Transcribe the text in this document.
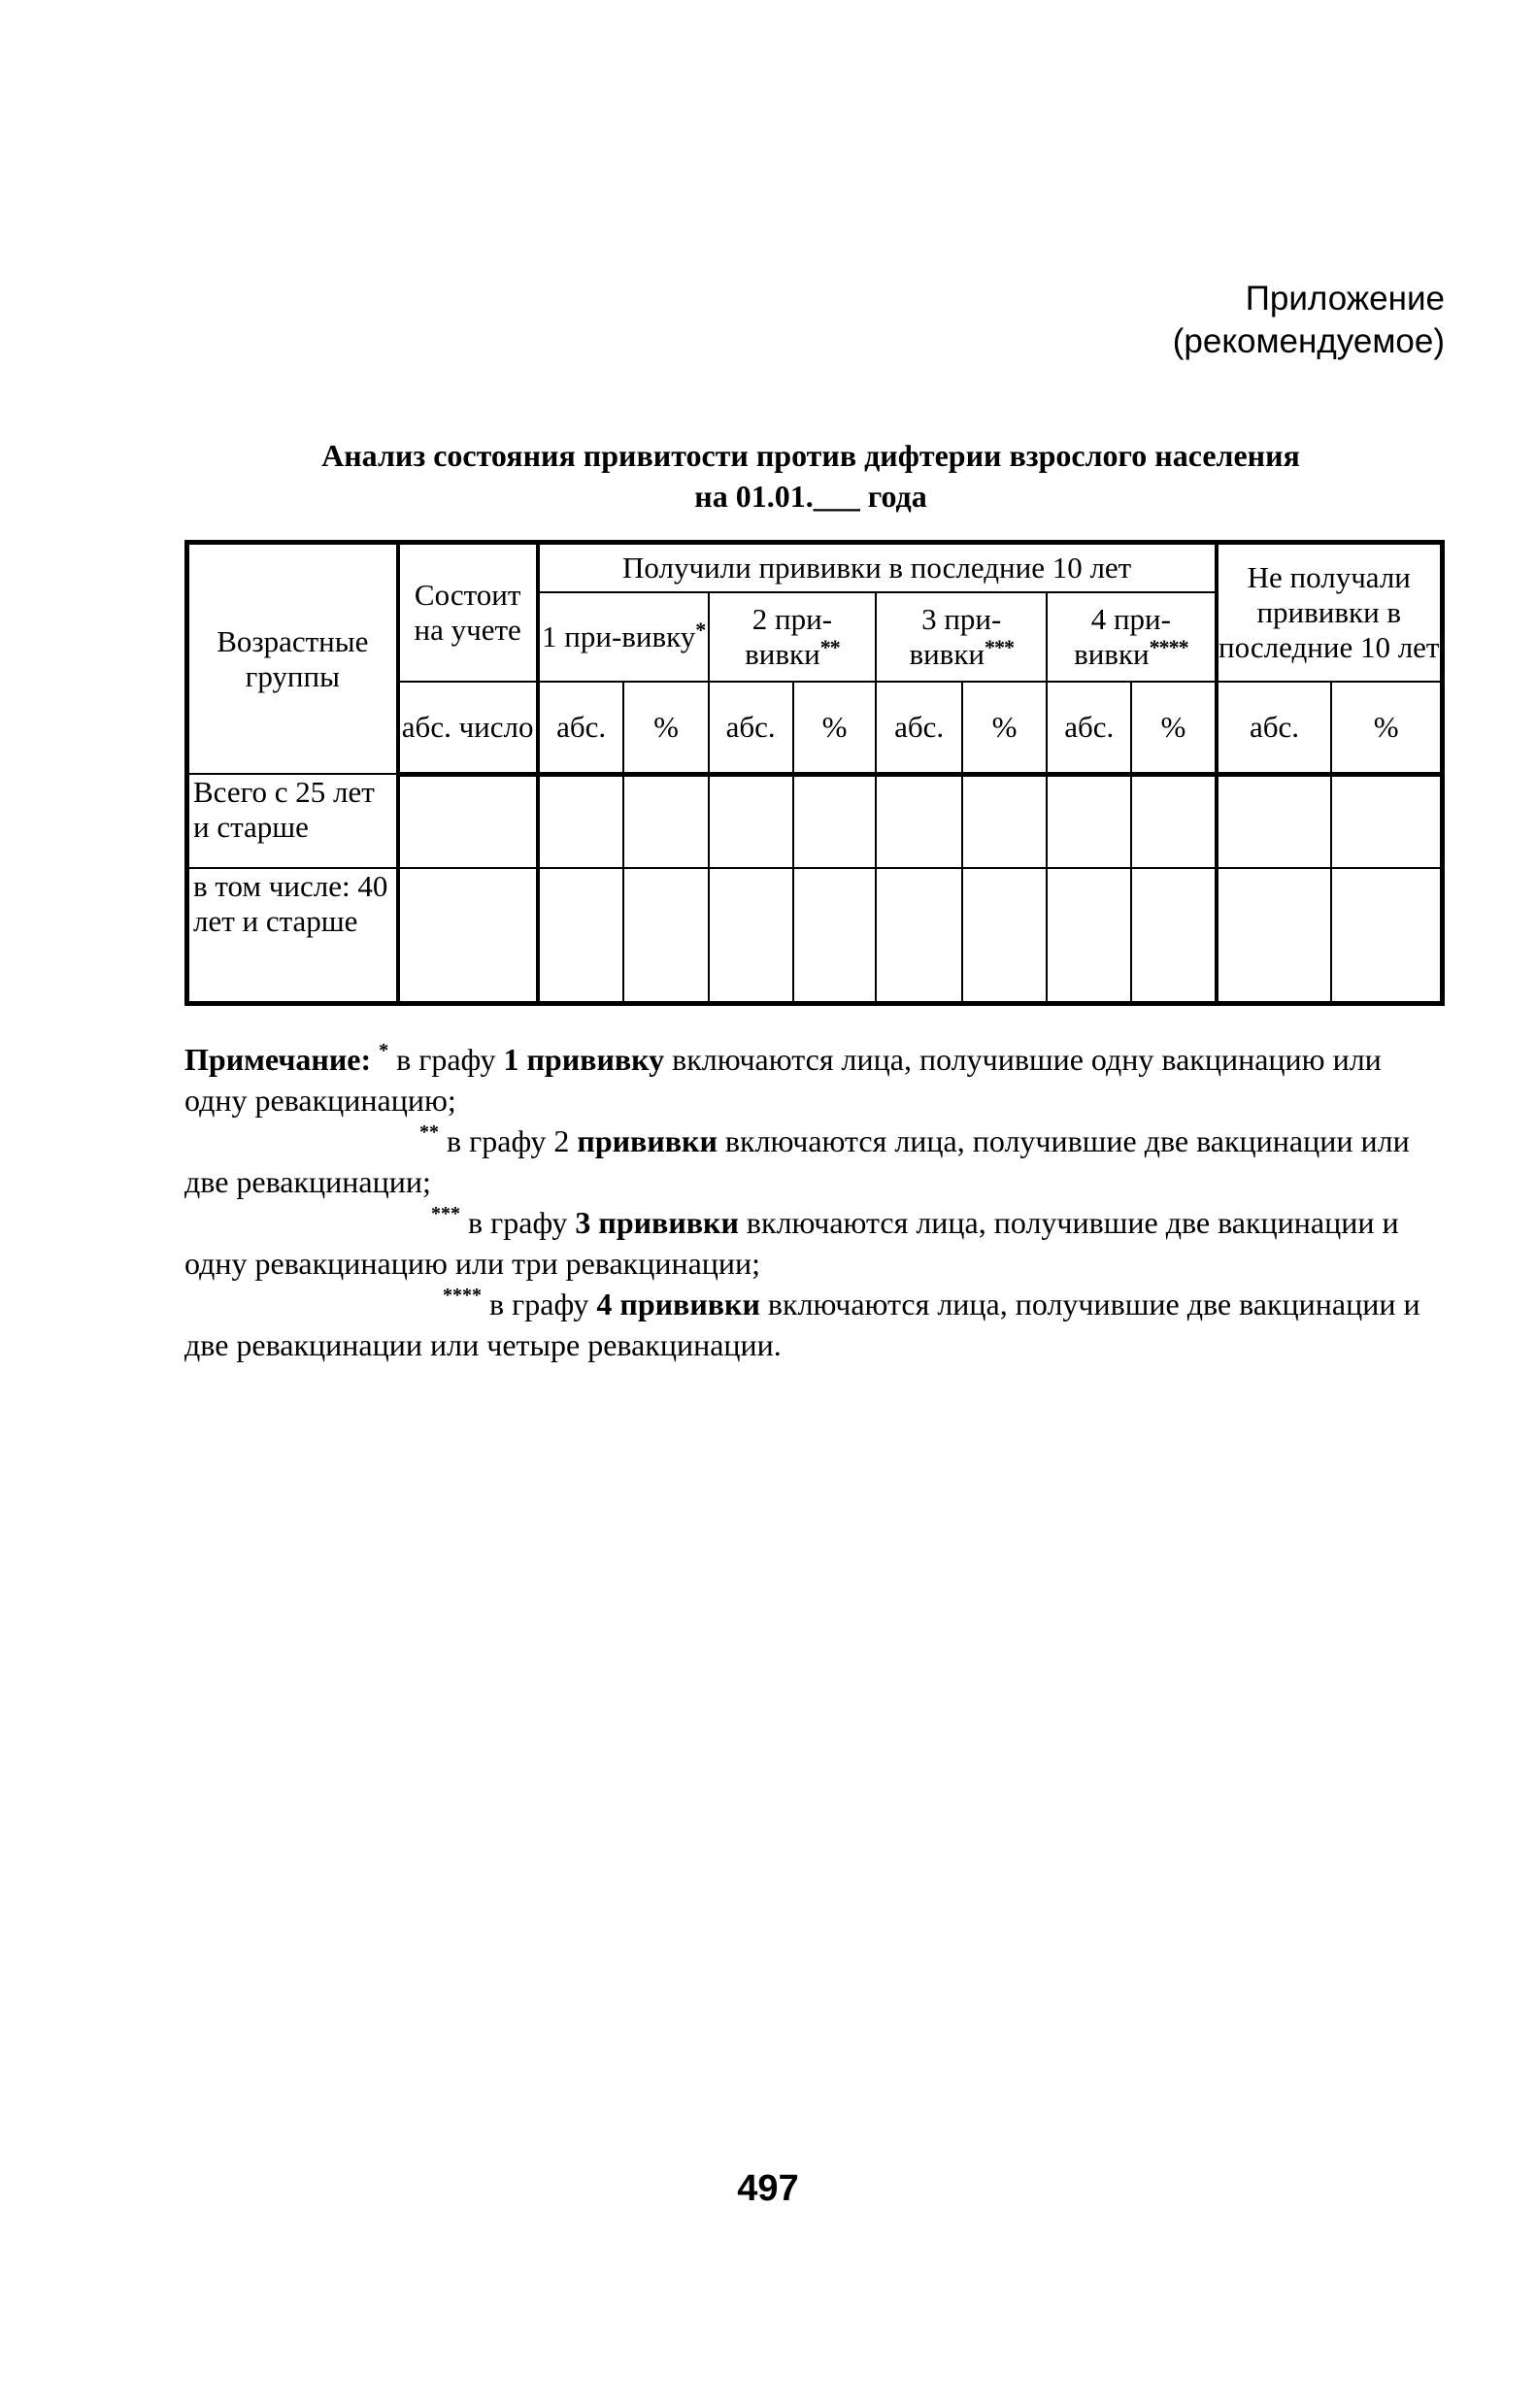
Приложение
(рекомендуемое)
Анализ состояния привитости против дифтерии взрослого населения
на 01.01.___ года
Возрастные группы	Состоит на учете	Получили прививки в последние 10 лет								Не получали прививки в последние 10 лет	
		1 при-вивку*		2 при-вивки**		3 при-вивки***		4 при-вивки****
	абс. число	абс.	%	абс.	%	абс.	%	абс.	%	абс.	%
Всего с 25 лет и старше											
в том числе: 40 лет и старше											

Примечание: * в графу 1 прививку включаются лица, получившие одну вакцинацию или одну ревакцинацию;

** в графу 2 прививки включаются лица, получившие две вакцинации или две ревакцинации;

*** в графу 3 прививки включаются лица, получившие две вакцинации и одну ревакцинацию или три ревакцинации;

**** в графу 4 прививки включаются лица, получившие две вакцинации и две ревакцинации или четыре ревакцинации.

497
